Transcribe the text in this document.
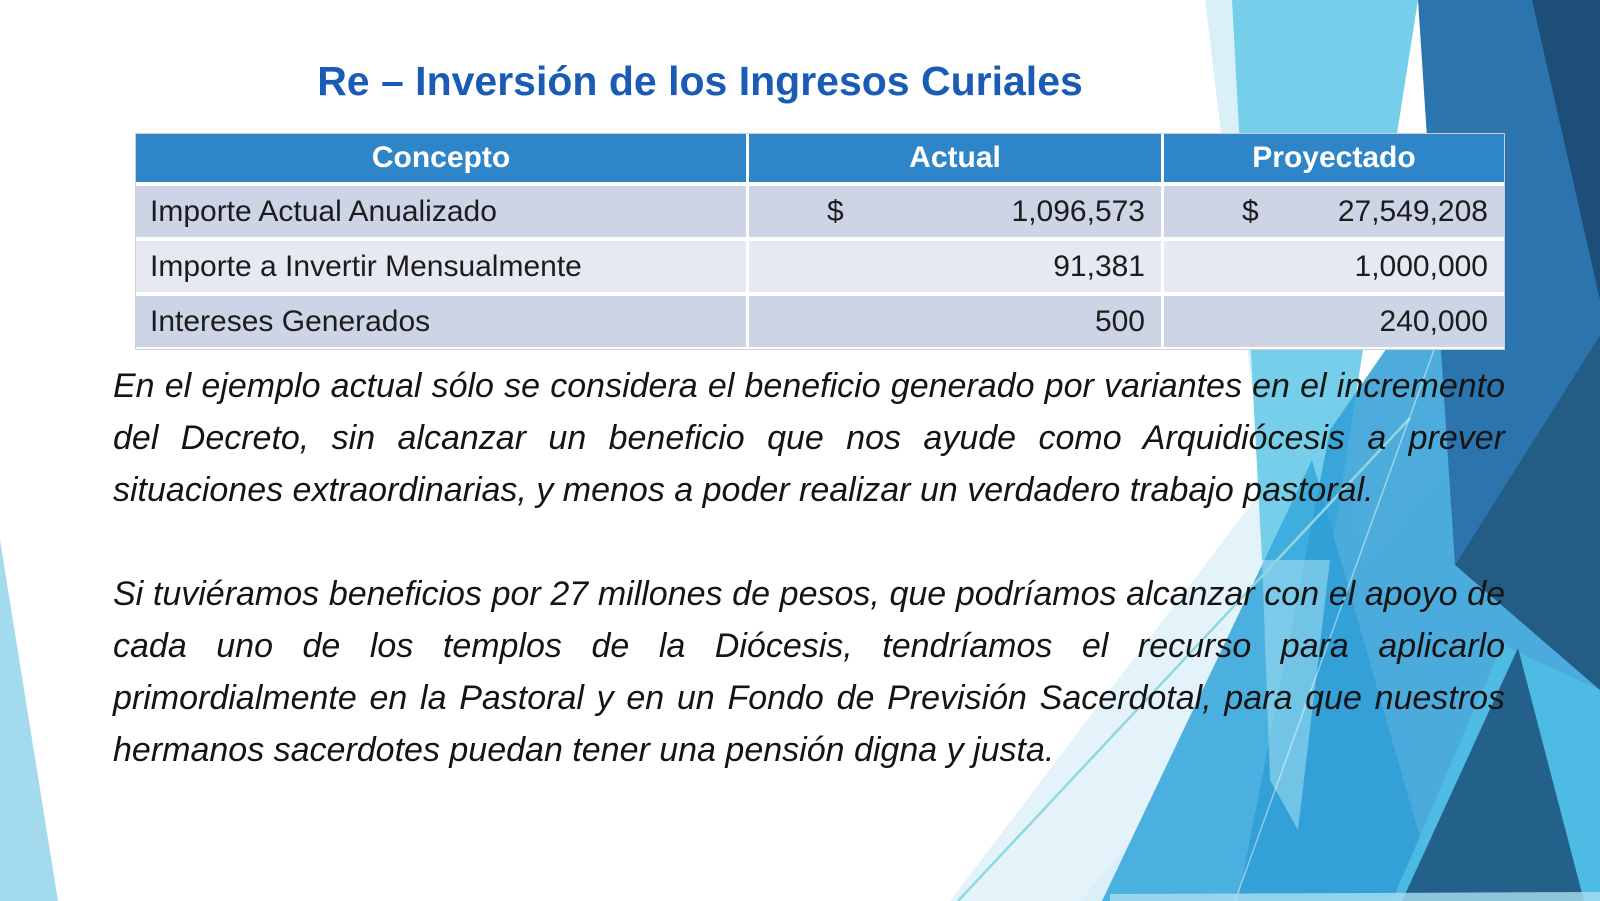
Re – Inversión de los Ingresos Curiales
Concepto	Actual	Proyectado
Importe Actual Anualizado	$	1,096,573	$	27,549,208
Importe a Invertir Mensualmente	91,381	1,000,000
Intereses Generados	500	240,000

En el ejemplo actual sólo se considera el beneficio generado por variantes en el incremento del Decreto, sin alcanzar un beneficio que nos ayude como Arquidiócesis a prever situaciones extraordinarias, y menos a poder realizar un verdadero trabajo pastoral.

Si tuviéramos beneficios por 27 millones de pesos, que podríamos alcanzar con el apoyo de cada uno de los templos de la Diócesis, tendríamos el recurso para aplicarlo primordialmente en la Pastoral y en un Fondo de Previsión Sacerdotal, para que nuestros hermanos sacerdotes puedan tener una pensión digna y justa.
